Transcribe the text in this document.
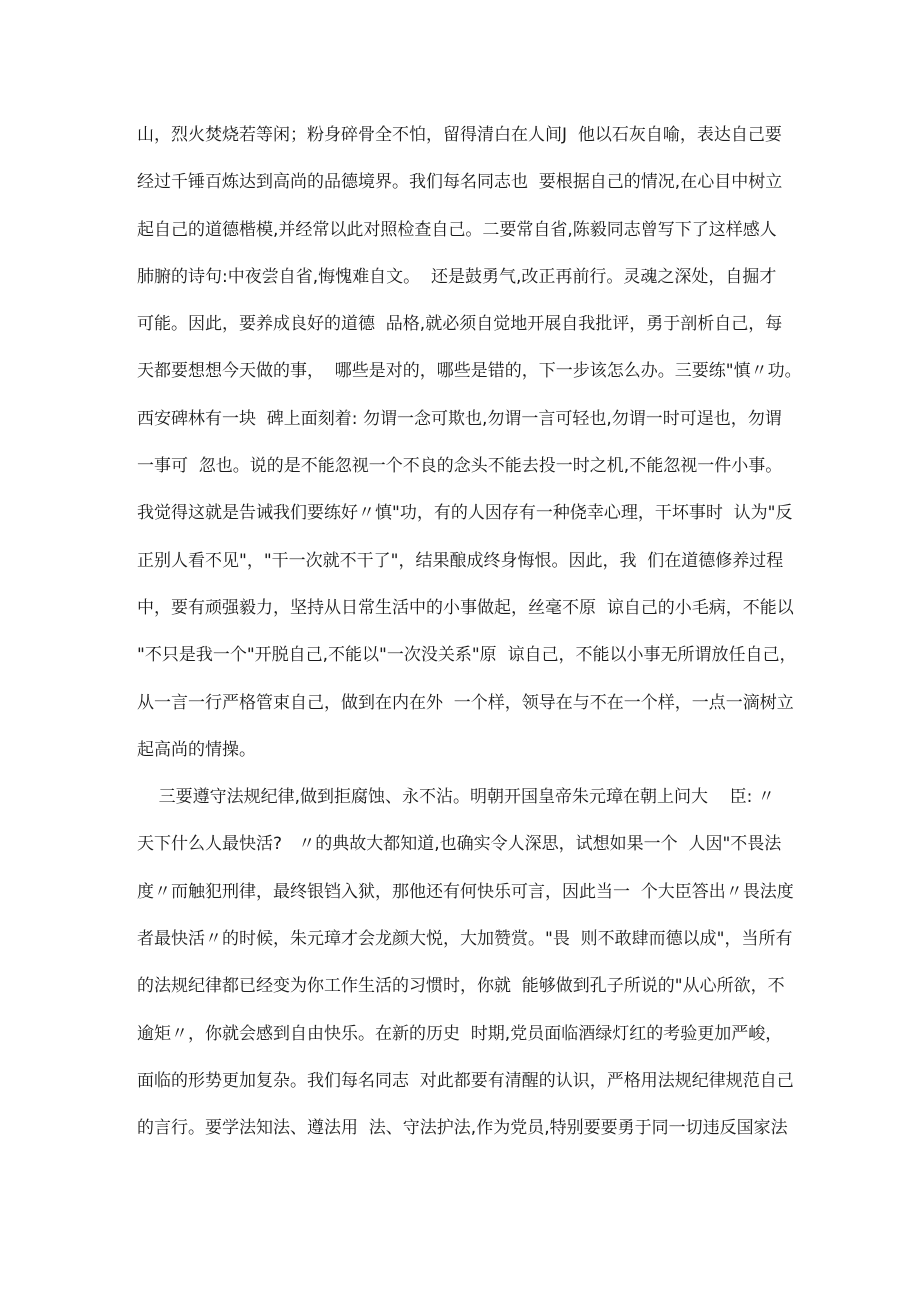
山，烈火焚烧若等闲；粉身碎骨全不怕，留得清白在人间J  他以石灰自喻，表达自己要
经过千锤百炼达到高尚的品德境界。我们每名同志也  要根据自己的情况,在心目中树立
起自己的道德楷模,并经常以此对照检查自己。二要常自省,陈毅同志曾写下了这样感人
肺腑的诗句:中夜尝自省,悔愧难自文。  还是鼓勇气,改正再前行。灵魂之深处，自掘才
可能。因此，要养成良好的道德  品格,就必须自觉地开展自我批评，勇于剖析自己，每
天都要想想今天做的事，  哪些是对的，哪些是错的，下一步该怎么办。三要练"慎〃功。
西安碑林有一块  碑上面刻着: 勿谓一念可欺也,勿谓一言可轻也,勿谓一时可逞也，勿谓
一事可  忽也。说的是不能忽视一个不良的念头不能去投一时之机,不能忽视一件小事。
我觉得这就是告诫我们要练好〃慎"功，有的人因存有一种侥幸心理，干坏事时  认为"反
正别人看不见"，"干一次就不干了"，结果酿成终身悔恨。因此，我  们在道德修养过程
中，要有顽强毅力，坚持从日常生活中的小事做起，丝毫不原  谅自己的小毛病，不能以
"不只是我一个"开脱自己,不能以"一次没关系"原  谅自己，不能以小事无所谓放任自己，
从一言一行严格管束自己，做到在内在外  一个样，领导在与不在一个样，一点一滴树立
起高尚的情操。
三要遵守法规纪律,做到拒腐蚀、永不沾。明朝开国皇帝朱元璋在朝上问大    臣: 〃
天下什么人最快活?   〃的典故大都知道,也确实令人深思，试想如果一个  人因"不畏法
度〃而触犯刑律，最终银铛入狱，那他还有何快乐可言，因此当一  个大臣答出〃畏法度
者最快活〃的时候，朱元璋才会龙颜大悦，大加赞赏。"畏  则不敢肆而德以成"，当所有
的法规纪律都已经变为你工作生活的习惯时，你就  能够做到孔子所说的"从心所欲，不
逾矩〃，你就会感到自由快乐。在新的历史  时期,党员面临酒绿灯红的考验更加严峻，
面临的形势更加复杂。我们每名同志  对此都要有清醒的认识，严格用法规纪律规范自己
的言行。要学法知法、遵法用  法、守法护法,作为党员,特别要要勇于同一切违反国家法
